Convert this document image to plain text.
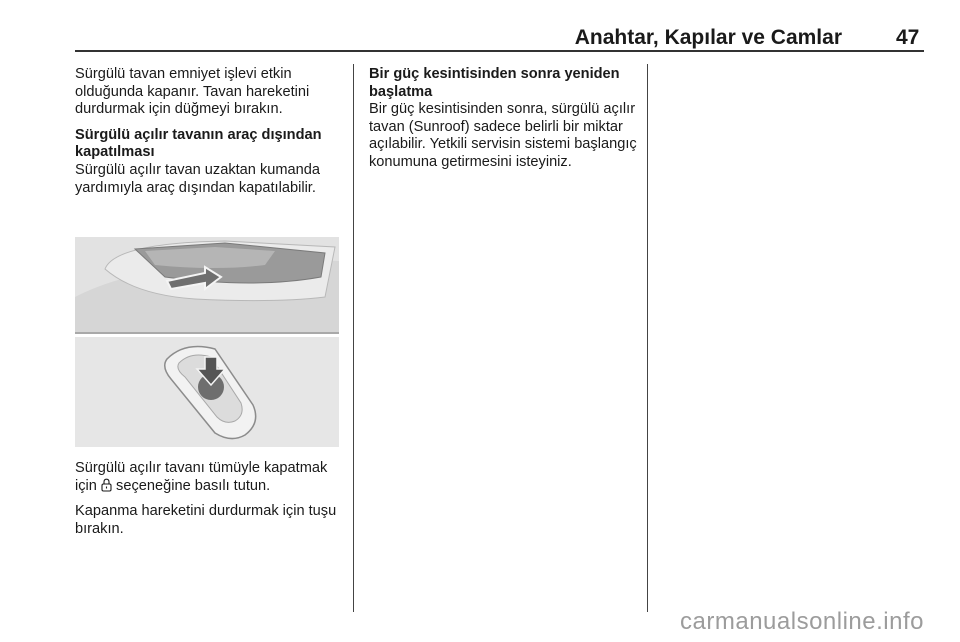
Anahtar, Kapılar ve Camlar	47

Sürgülü tavan emniyet işlevi etkin olduğunda kapanır. Tavan hareketini durdurmak için düğmeyi bırakın.

Sürgülü açılır tavanın araç dışından kapatılması

Sürgülü açılır tavan uzaktan kumanda yardımıyla araç dışından kapatılabilir.

Sürgülü açılır tavanı tümüyle kapatmak için seçeneğine basılı tutun.

Kapanma hareketini durdurmak için tuşu bırakın.

Bir güç kesintisinden sonra yeniden başlatma

Bir güç kesintisinden sonra, sürgülü açılır tavan (Sunroof) sadece belirli bir miktar açılabilir. Yetkili servisin sistemi başlangıç konumuna getirmesini isteyiniz.

carmanualsonline.info
